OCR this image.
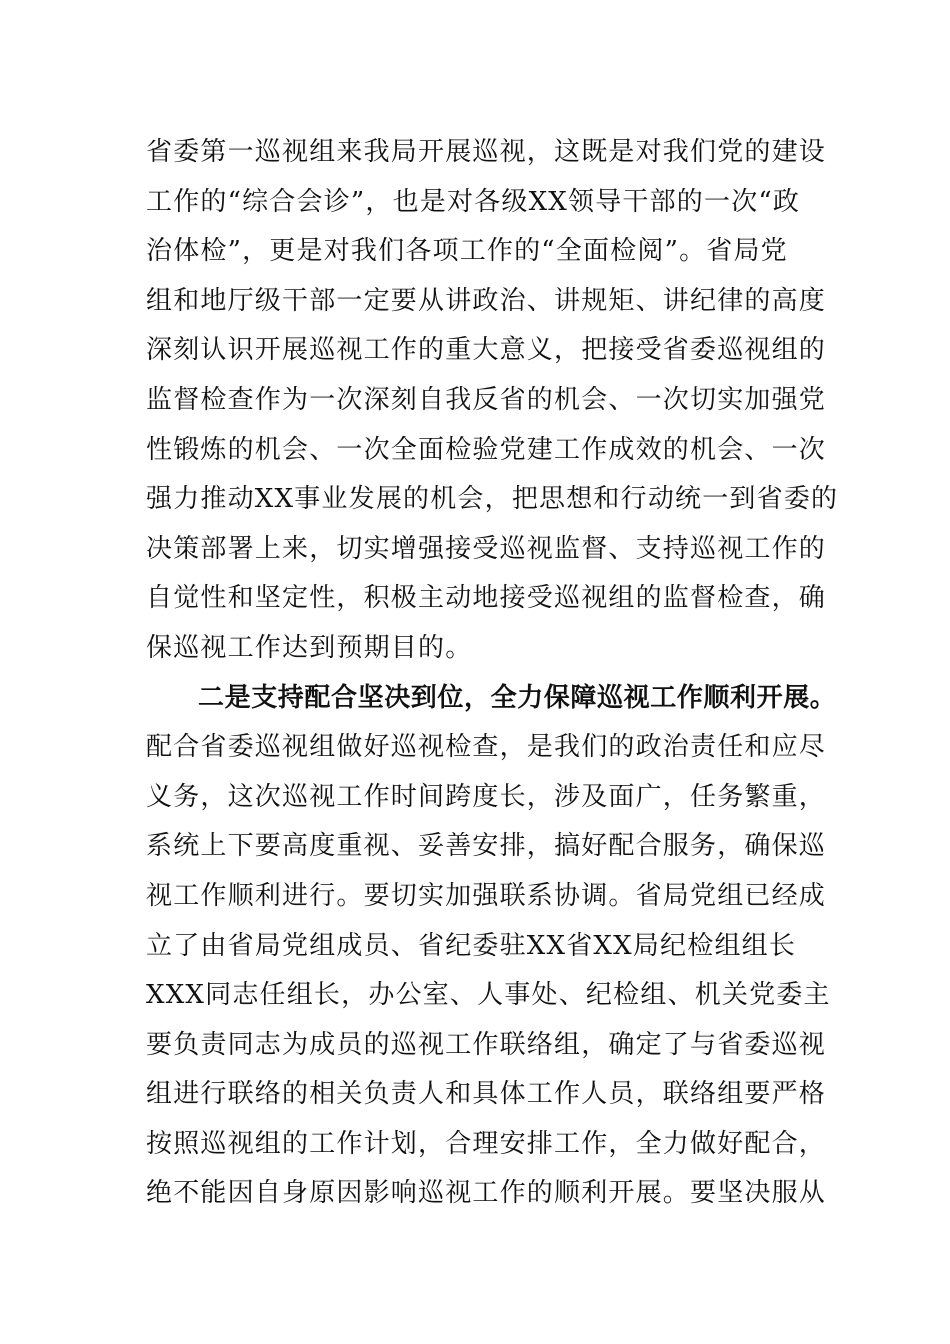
省委第一巡视组来我局开展巡视，这既是对我们党的建设
工作的“综合会诊”，也是对各级XX领导干部的一次“政
治体检”，更是对我们各项工作的“全面检阅”。省局党
组和地厅级干部一定要从讲政治、讲规矩、讲纪律的高度
深刻认识开展巡视工作的重大意义，把接受省委巡视组的
监督检查作为一次深刻自我反省的机会、一次切实加强党
性锻炼的机会、一次全面检验党建工作成效的机会、一次
强力推动XX事业发展的机会，把思想和行动统一到省委的
决策部署上来，切实增强接受巡视监督、支持巡视工作的
自觉性和坚定性，积极主动地接受巡视组的监督检查，确
保巡视工作达到预期目的。
二是支持配合坚决到位，全力保障巡视工作顺利开展。
配合省委巡视组做好巡视检查，是我们的政治责任和应尽
义务，这次巡视工作时间跨度长，涉及面广，任务繁重，
系统上下要高度重视、妥善安排，搞好配合服务，确保巡
视工作顺利进行。要切实加强联系协调。省局党组已经成
立了由省局党组成员、省纪委驻XX省XX局纪检组组长
XXX同志任组长，办公室、人事处、纪检组、机关党委主
要负责同志为成员的巡视工作联络组，确定了与省委巡视
组进行联络的相关负责人和具体工作人员，联络组要严格
按照巡视组的工作计划，合理安排工作，全力做好配合，
绝不能因自身原因影响巡视工作的顺利开展。要坚决服从
